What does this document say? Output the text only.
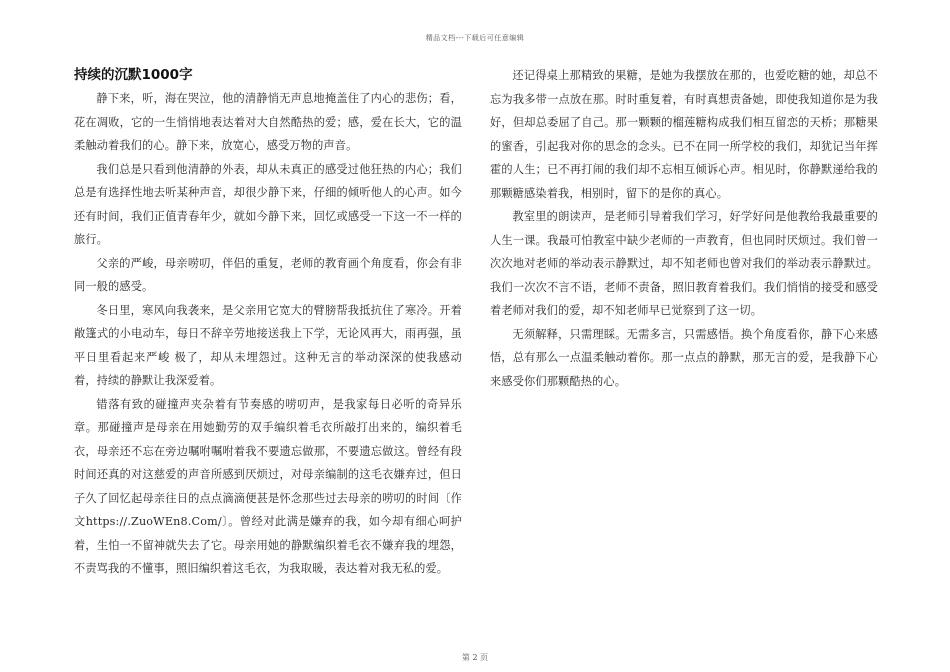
精品文档---下载后可任意编辑
持续的沉默1000字

静下来，听，海在哭泣，他的清静悄无声息地掩盖住了内心的悲伤；看，花在凋败，它的一生悄悄地表达着对大自然酷热的爱；感，爱在长大，它的温柔触动着我们的心。静下来，放宽心，感受万物的声音。

我们总是只看到他清静的外表，却从未真正的感受过他狂热的内心；我们总是有选择性地去听某种声音，却很少静下来，仔细的倾听他人的心声。如今还有时间，我们正值青春年少，就如今静下来，回忆或感受一下这一不一样的旅行。

父亲的严峻，母亲唠叨，伴侣的重复，老师的教育画个角度看，你会有非同一般的感受。

冬日里，寒风向我袭来，是父亲用它宽大的臂膀帮我抵抗住了寒冷。开着敞篷式的小电动车，每日不辞辛劳地接送我上下学，无论风再大，雨再强，虽平日里看起来严峻 极了，却从未埋怨过。这种无言的举动深深的使我感动着，持续的静默让我深爱着。

错落有致的碰撞声夹杂着有节奏感的唠叨声，是我家每日必听的奇异乐章。那碰撞声是母亲在用她勤劳的双手编织着毛衣所敲打出来的，编织着毛衣，母亲还不忘在旁边嘱咐嘱咐着我不要遗忘做那，不要遗忘做这。曾经有段时间还真的对这慈爱的声音所感到厌烦过，对母亲编制的这毛衣嫌弃过，但日子久了回忆起母亲往日的点点滴滴便甚是怀念那些过去母亲的唠叨的时间〔作文https://.ZuoWEn8.Com/〕。曾经对此满是嫌弃的我，如今却有细心呵护着，生怕一不留神就失去了它。母亲用她的静默编织着毛衣不嫌弃我的埋怨，不责骂我的不懂事，照旧编织着这毛衣，为我取暖，表达着对我无私的爱。

还记得桌上那精致的果糖，是她为我摆放在那的，也爱吃糖的她，却总不忘为我多带一点放在那。时时重复着，有时真想责备她，即使我知道你是为我好，但却总委屈了自己。那一颗颗的榴莲糖构成我们相互留恋的天桥；那糖果的蜜香，引起我对你的思念的念头。已不在同一所学校的我们，却犹记当年挥霍的人生；已不再打闹的我们却不忘相互倾诉心声。相见时，你静默递给我的那颗糖感染着我，相别时，留下的是你的真心。

教室里的朗读声，是老师引导着我们学习，好学好问是他教给我最重要的人生一课。我最可怕教室中缺少老师的一声教育，但也同时厌烦过。我们曾一次次地对老师的举动表示静默过，却不知老师也曾对我们的举动表示静默过。我们一次次不言不语，老师不责备，照旧教育着我们。我们悄悄的接受和感受着老师对我们的爱，却不知老师早已觉察到了这一切。

无须解释，只需理睬。无需多言，只需感悟。换个角度看你，静下心来感悟，总有那么一点温柔触动着你。那一点点的静默，那无言的爱，是我静下心来感受你们那颗酷热的心。

第 2 页
